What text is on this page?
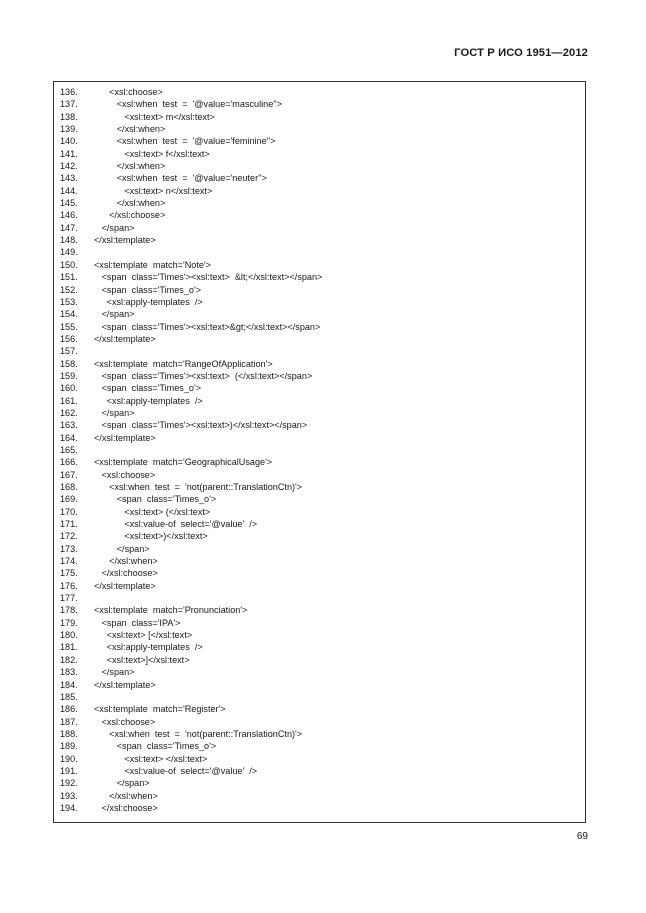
ГОСТ Р ИСО 1951—2012
136.	<xsl:choose>
137.	<xsl:when  test  =  '@value='masculine''>
138.	<xsl:text> m</xsl:text>
139.	</xsl:when>
140.	<xsl:when  test  =  '@value='feminine''>
141.	<xsl:text> f</xsl:text>
142.	</xsl:when>
143.	<xsl:when  test  =  '@value='neuter''>
144.	<xsl:text> n</xsl:text>
145.	</xsl:when>
146.	</xsl:choose>
147.	</span>
148.	</xsl:template>
149.
150.	<xsl:template  match='Note'>
151.	<span  class='Times'><xsl:text>  &lt;</xsl:text></span>
152.	<span  class='Times_o'>
153.	<xsl:apply-templates  />
154.	</span>
155.	<span  class='Times'><xsl:text>&gt;</xsl:text></span>
156.	</xsl:template>
157.
158.	<xsl:template  match='RangeOfApplication'>
159.	<span  class='Times'><xsl:text>  (</xsl:text></span>
160.	<span  class='Times_o'>
161.	<xsl:apply-templates  />
162.	</span>
163.	<span  class='Times'><xsl:text>)</xsl:text></span>
164.	</xsl:template>
165.
166.	<xsl:template  match='GeographicalUsage'>
167.	<xsl:choose>
168.	<xsl:when  test  =  'not(parent::TranslationCtn)'>
169.	<span  class='Times_o'>
170.	<xsl:text> (</xsl:text>
171.	<xsl:value-of  select='@value'  />
172.	<xsl:text>)</xsl:text>
173.	</span>
174.	</xsl:when>
175.	</xsl:choose>
176.	</xsl:template>
177.
178.	<xsl:template  match='Pronunciation'>
179.	<span  class='IPA'>
180.	<xsl:text> [</xsl:text>
181.	<xsl:apply-templates  />
182.	<xsl:text>]</xsl:text>
183.	</span>
184.	</xsl:template>
185.
186.	<xsl:template  match='Register'>
187.	<xsl:choose>
188.	<xsl:when  test  =  'not(parent::TranslationCtn)'>
189.	<span  class='Times_o'>
190.	<xsl:text> </xsl:text>
191.	<xsl:value-of  select='@value'  />
192.	</span>
193.	</xsl:when>
194.	</xsl:choose>
69
